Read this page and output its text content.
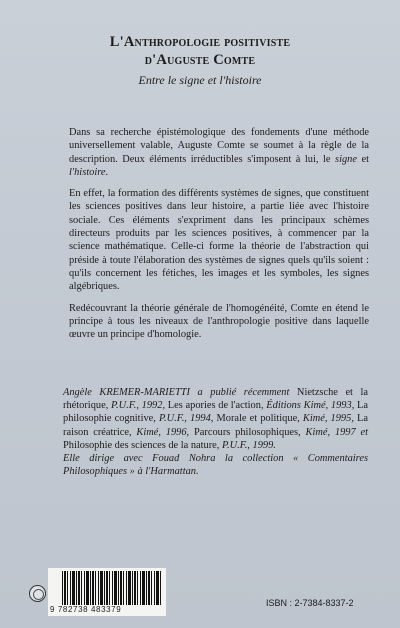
L'Anthropologie positiviste
d'Auguste Comte
Entre le signe et l'histoire

Dans sa recherche épistémologique des fondements d'une méthode universellement valable, Auguste Comte se soumet à la règle de la description. Deux éléments irréductibles s'imposent à lui, le signe et l'histoire.

En effet, la formation des différents systèmes de signes, que constituent les sciences positives dans leur histoire, a partie liée avec l'histoire sociale. Ces éléments s'expriment dans les principaux schèmes directeurs produits par les sciences positives, à commencer par la science mathématique. Celle-ci forme la théorie de l'abstraction qui préside à toute l'élaboration des systèmes de signes quels qu'ils soient : qu'ils concernent les fétiches, les images et les symboles, les signes algébriques.

Redécouvrant la théorie générale de l'homogénéité, Comte en étend le principe à tous les niveaux de l'anthropologie positive dans laquelle œuvre un principe d'homologie.

Angèle KREMER-MARIETTI a publié récemment Nietzsche et la rhétorique, P.U.F., 1992, Les apories de l'action, Éditions Kimé, 1993, La philosophie cognitive, P.U.F., 1994, Morale et politique, Kimé, 1995, La raison créatrice, Kimé, 1996, Parcours philosophiques, Kimé, 1997 et Philosophie des sciences de la nature, P.U.F., 1999.

Elle dirige avec Fouad Nohra la collection « Commentaires Philosophiques » à l'Harmattan.

9 782738 483379
ISBN : 2-7384-8337-2
